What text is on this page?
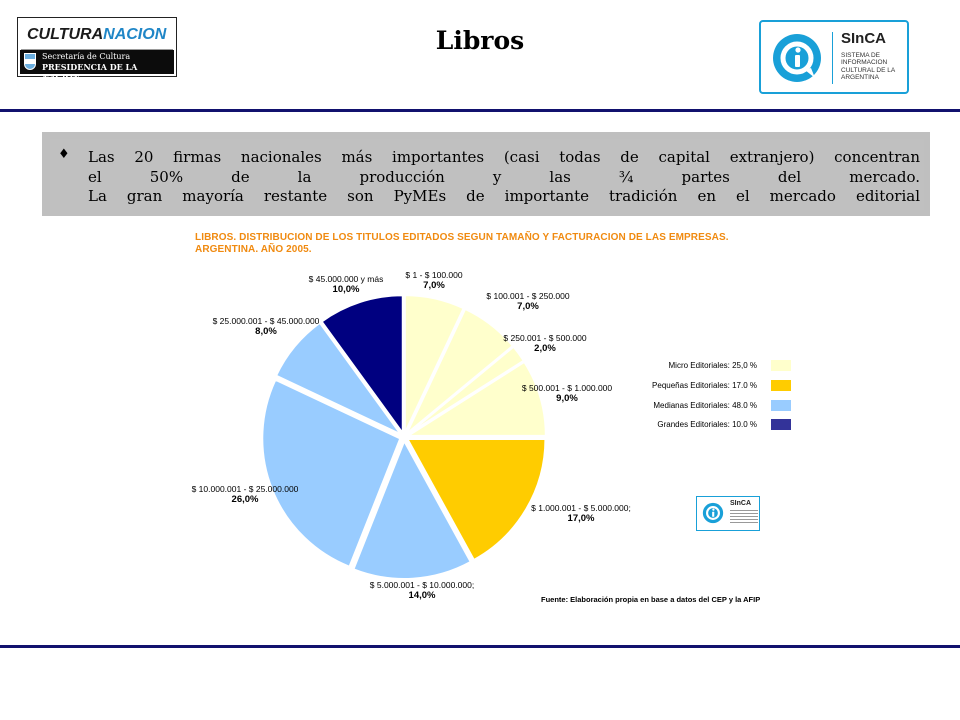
CULTURANACION
Secretaría de Cultura
PRESIDENCIA DE LA NACION
Libros	SInCA
SISTEMA DE INFORMACION CULTURAL DE LA ARGENTINA
♦ Las 20 firmas nacionales más importantes (casi todas de capital extranjero) concentran
el 50% de la producción y las ¾ partes del mercado.
La gran mayoría restante son PyMEs de importante tradición en el mercado editorial
LIBROS. DISTRIBUCION DE LOS TITULOS EDITADOS SEGUN TAMAÑO Y FACTURACION DE LAS EMPRESAS. ARGENTINA. AÑO 2005.
$ 1 - $ 100.000
7,0%
$ 100.001 - $ 250.000
7,0%
$ 250.001 - $ 500.000
2,0%
$ 500.001 - $ 1.000.000
9,0%
$ 1.000.001 - $ 5.000.000;
17,0%
$ 5.000.001 - $ 10.000.000;
14,0%
$ 10.000.001 - $ 25.000.000
26,0%
$ 25.000.001 - $ 45.000.000
8,0%
$ 45.000.000 y más
10,0%
Micro Editoriales: 25,0 %
Pequeñas Editoriales: 17.0 %
Medianas Editoriales: 48.0 %
Grandes Editoriales: 10.0 %
SInCA
Fuente: Elaboración propia en base a datos del CEP y la AFIP
